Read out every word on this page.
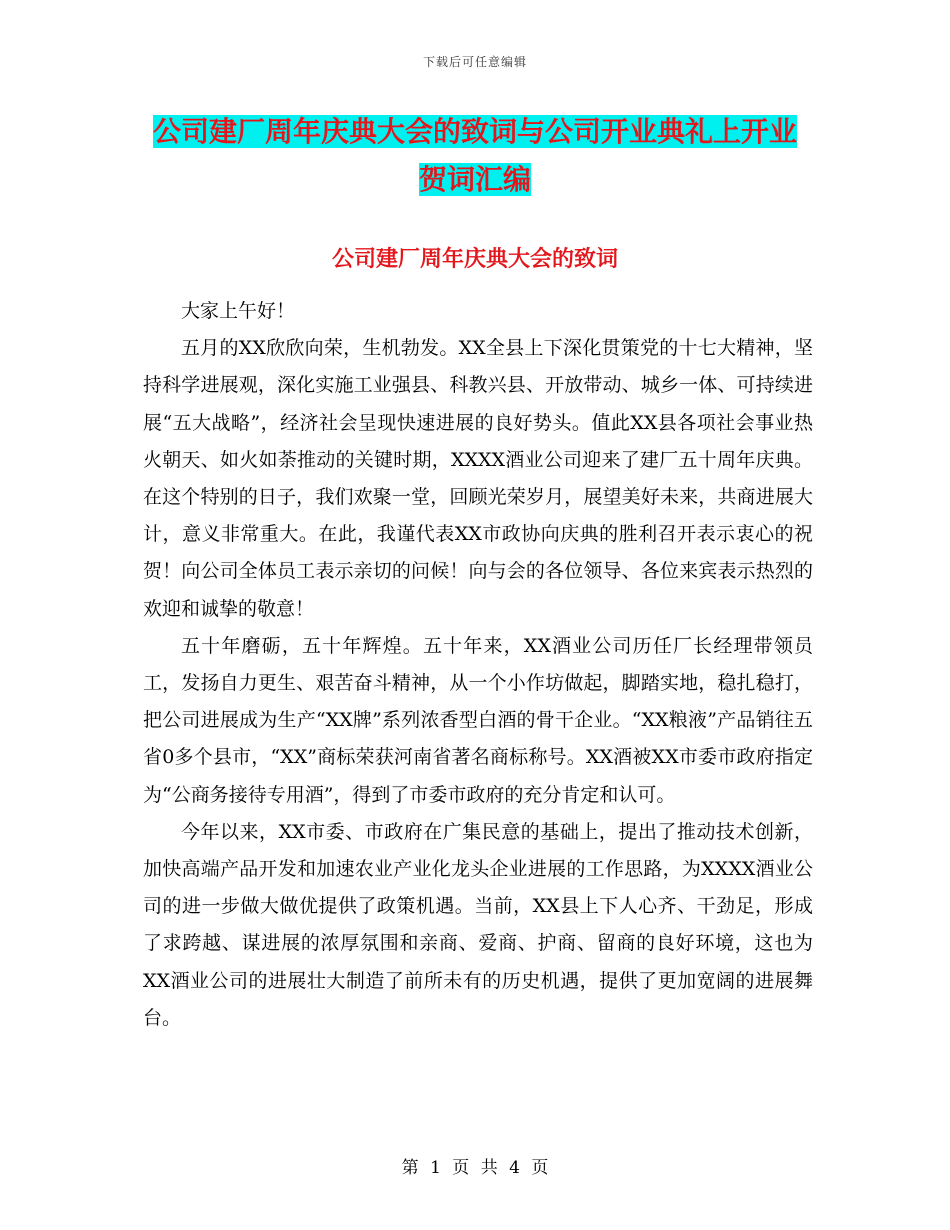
下载后可任意编辑
公司建厂周年庆典大会的致词与公司开业典礼上开业
贺词汇编
公司建厂周年庆典大会的致词

大家上午好！

五月的XX欣欣向荣，生机勃发。XX全县上下深化贯策党的十七大精神，坚持科学进展观，深化实施工业强县、科教兴县、开放带动、城乡一体、可持续进展“五大战略”，经济社会呈现快速进展的良好势头。值此XX县各项社会事业热火朝天、如火如荼推动的关键时期，XXXX酒业公司迎来了建厂五十周年庆典。在这个特别的日子，我们欢聚一堂，回顾光荣岁月，展望美好未来，共商进展大计，意义非常重大。在此，我谨代表XX市政协向庆典的胜利召开表示衷心的祝贺！向公司全体员工表示亲切的问候！向与会的各位领导、各位来宾表示热烈的欢迎和诚挚的敬意！

五十年磨砺，五十年辉煌。五十年来，XX酒业公司历任厂长经理带领员工，发扬自力更生、艰苦奋斗精神，从一个小作坊做起，脚踏实地，稳扎稳打，把公司进展成为生产“XX牌”系列浓香型白酒的骨干企业。“XX粮液”产品销往五省0多个县市，“XX”商标荣获河南省著名商标称号。XX酒被XX市委市政府指定为“公商务接待专用酒”，得到了市委市政府的充分肯定和认可。

今年以来，XX市委、市政府在广集民意的基础上，提出了推动技术创新，加快高端产品开发和加速农业产业化龙头企业进展的工作思路，为XXXX酒业公司的进一步做大做优提供了政策机遇。当前，XX县上下人心齐、干劲足，形成了求跨越、谋进展的浓厚氛围和亲商、爱商、护商、留商的良好环境，这也为XX酒业公司的进展壮大制造了前所未有的历史机遇，提供了更加宽阔的进展舞台。

第 1 页 共 4 页
